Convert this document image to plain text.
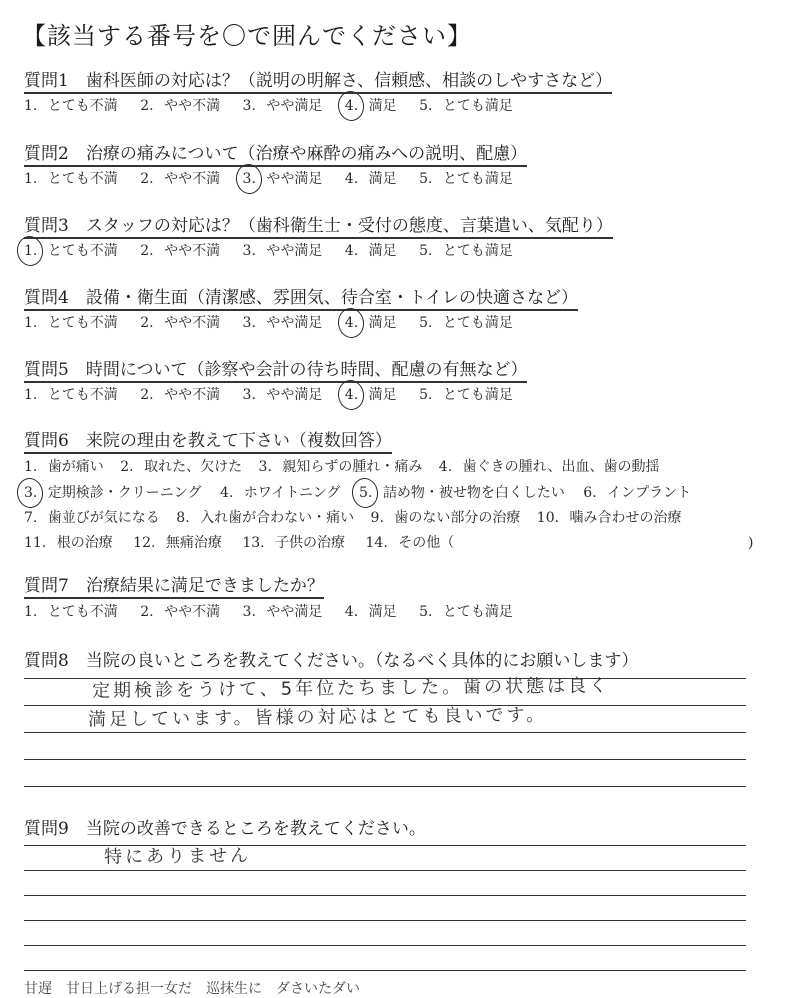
【該当する番号を〇で囲んでください】
質問1　歯科医師の対応は？（説明の明解さ、信頼感、相談のしやすさなど）
1. とても不満 2. やや不満 3. やや満足 4. 満足 5. とても満足
質問2　治療の痛みについて（治療や麻酔の痛みへの説明、配慮）
1. とても不満 2. やや不満 3. やや満足 4. 満足 5. とても満足
質問3　スタッフの対応は？（歯科衛生士・受付の態度、言葉遣い、気配り）
1. とても不満 2. やや不満 3. やや満足 4. 満足 5. とても満足
質問4　設備・衛生面（清潔感、雰囲気、待合室・トイレの快適さなど）
1. とても不満 2. やや不満 3. やや満足 4. 満足 5. とても満足
質問5　時間について（診察や会計の待ち時間、配慮の有無など）
1. とても不満 2. やや不満 3. やや満足 4. 満足 5. とても満足
質問6　来院の理由を教えて下さい（複数回答）
1. 歯が痛い 2. 取れた、欠けた 3. 親知らずの腫れ・痛み 4. 歯ぐきの腫れ、出血、歯の動揺
3. 定期検診・クリーニング 4. ホワイトニング 5. 詰め物・被せ物を白くしたい 6. インプラント
7. 歯並びが気になる 8. 入れ歯が合わない・痛い 9. 歯のない部分の治療 10. 噛み合わせの治療
11. 根の治療 12. 無痛治療 13. 子供の治療 14. その他（	)
質問7　治療結果に満足できましたか？
1. とても不満 2. やや不満 3. やや満足 4. 満足 5. とても満足
質問8　当院の良いところを教えてください。（なるべく具体的にお願いします）
定期検診をうけて、5年位たちました。歯の状態は良く
満足しています。皆様の対応はとても良いです。
質問9　当院の改善できるところを教えてください。
特にありません
甘遅　甘日上げる担一女だ　巡抹生に　ダさいたダい
